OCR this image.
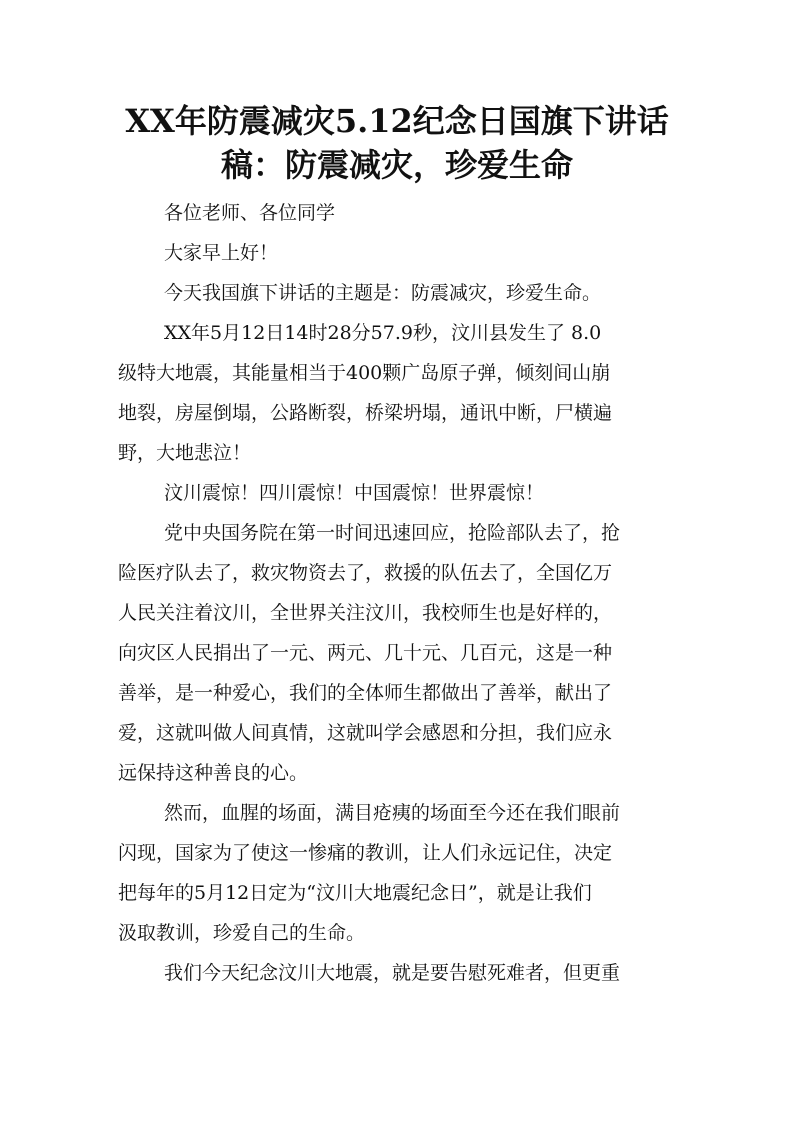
XX年防震减灾5.12纪念日国旗下讲话
稿：防震减灾，珍爱生命

各位老师、各位同学

大家早上好！

今天我国旗下讲话的主题是：防震减灾，珍爱生命。

XX年5月12日14时28分57.9秒，汶川县发生了 8.0

级特大地震，其能量相当于400颗广岛原子弹，倾刻间山崩

地裂，房屋倒塌，公路断裂，桥梁坍塌，通讯中断，尸横遍

野，大地悲泣！

汶川震惊！四川震惊！中国震惊！世界震惊！

党中央国务院在第一时间迅速回应，抢险部队去了，抢

险医疗队去了，救灾物资去了，救援的队伍去了，全国亿万

人民关注着汶川，全世界关注汶川，我校师生也是好样的，

向灾区人民捐出了一元、两元、几十元、几百元，这是一种

善举，是一种爱心，我们的全体师生都做出了善举，献出了

爱，这就叫做人间真情，这就叫学会感恩和分担，我们应永

远保持这种善良的心。

然而，血腥的场面，满目疮痍的场面至今还在我们眼前

闪现，国家为了使这一惨痛的教训，让人们永远记住，决定

把每年的5月12日定为“汶川大地震纪念日”，就是让我们

汲取教训，珍爱自己的生命。

我们今天纪念汶川大地震，就是要告慰死难者，但更重
